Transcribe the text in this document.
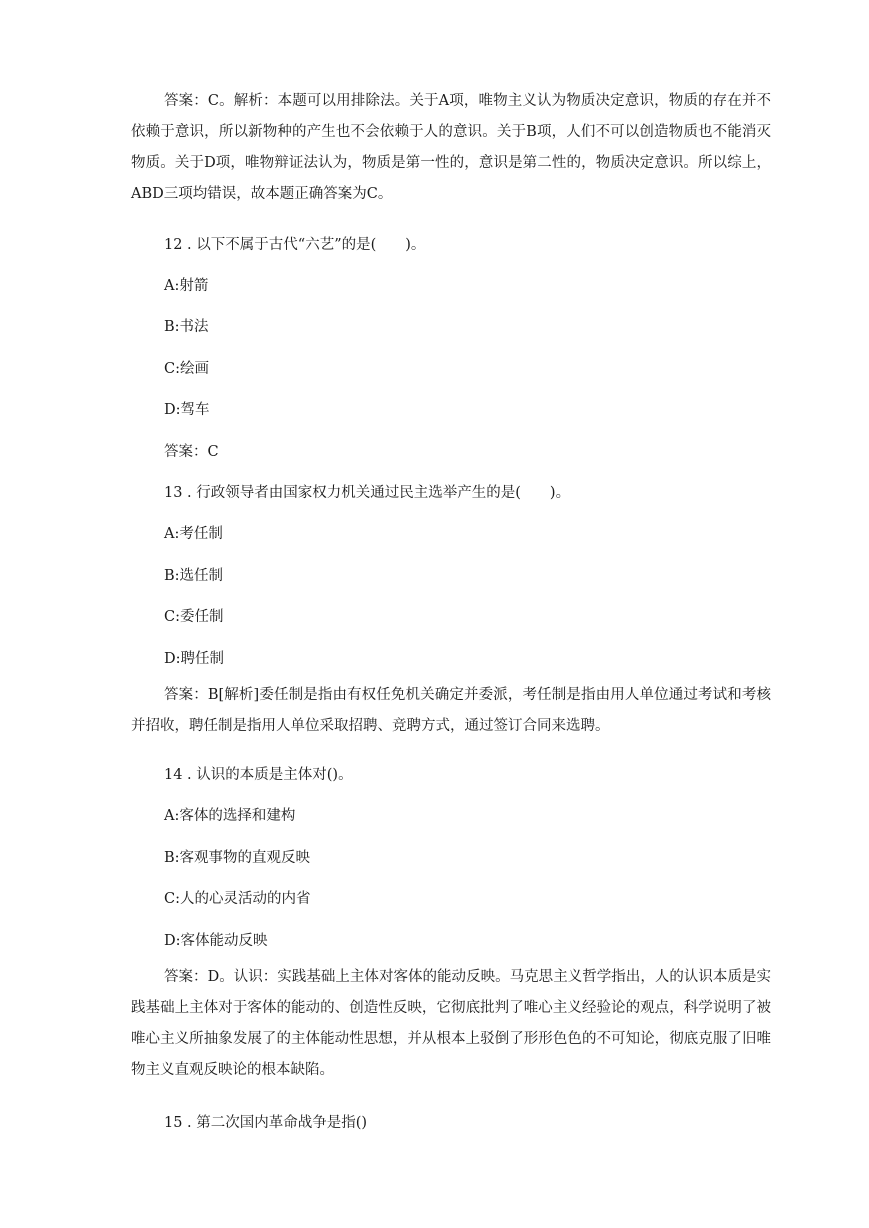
答案：C。解析：本题可以用排除法。关于A项，唯物主义认为物质决定意识，物质的存在并不依赖于意识，所以新物种的产生也不会依赖于人的意识。关于B项，人们不可以创造物质也不能消灭物质。关于D项，唯物辩证法认为，物质是第一性的，意识是第二性的，物质决定意识。所以综上，ABD三项均错误，故本题正确答案为C。

12 . 以下不属于古代“六艺”的是(　　)。

A:射箭

B:书法

C:绘画

D:驾车

答案：C

13 . 行政领导者由国家权力机关通过民主选举产生的是(　　)。

A:考任制

B:选任制

C:委任制

D:聘任制

答案：B[解析]委任制是指由有权任免机关确定并委派，考任制是指由用人单位通过考试和考核并招收，聘任制是指用人单位采取招聘、竞聘方式，通过签订合同来选聘。

14 . 认识的本质是主体对()。

A:客体的选择和建构

B:客观事物的直观反映

C:人的心灵活动的内省

D:客体能动反映

答案：D。认识：实践基础上主体对客体的能动反映。马克思主义哲学指出，人的认识本质是实践基础上主体对于客体的能动的、创造性反映，它彻底批判了唯心主义经验论的观点，科学说明了被唯心主义所抽象发展了的主体能动性思想，并从根本上驳倒了形形色色的不可知论，彻底克服了旧唯物主义直观反映论的根本缺陷。

15 . 第二次国内革命战争是指()
